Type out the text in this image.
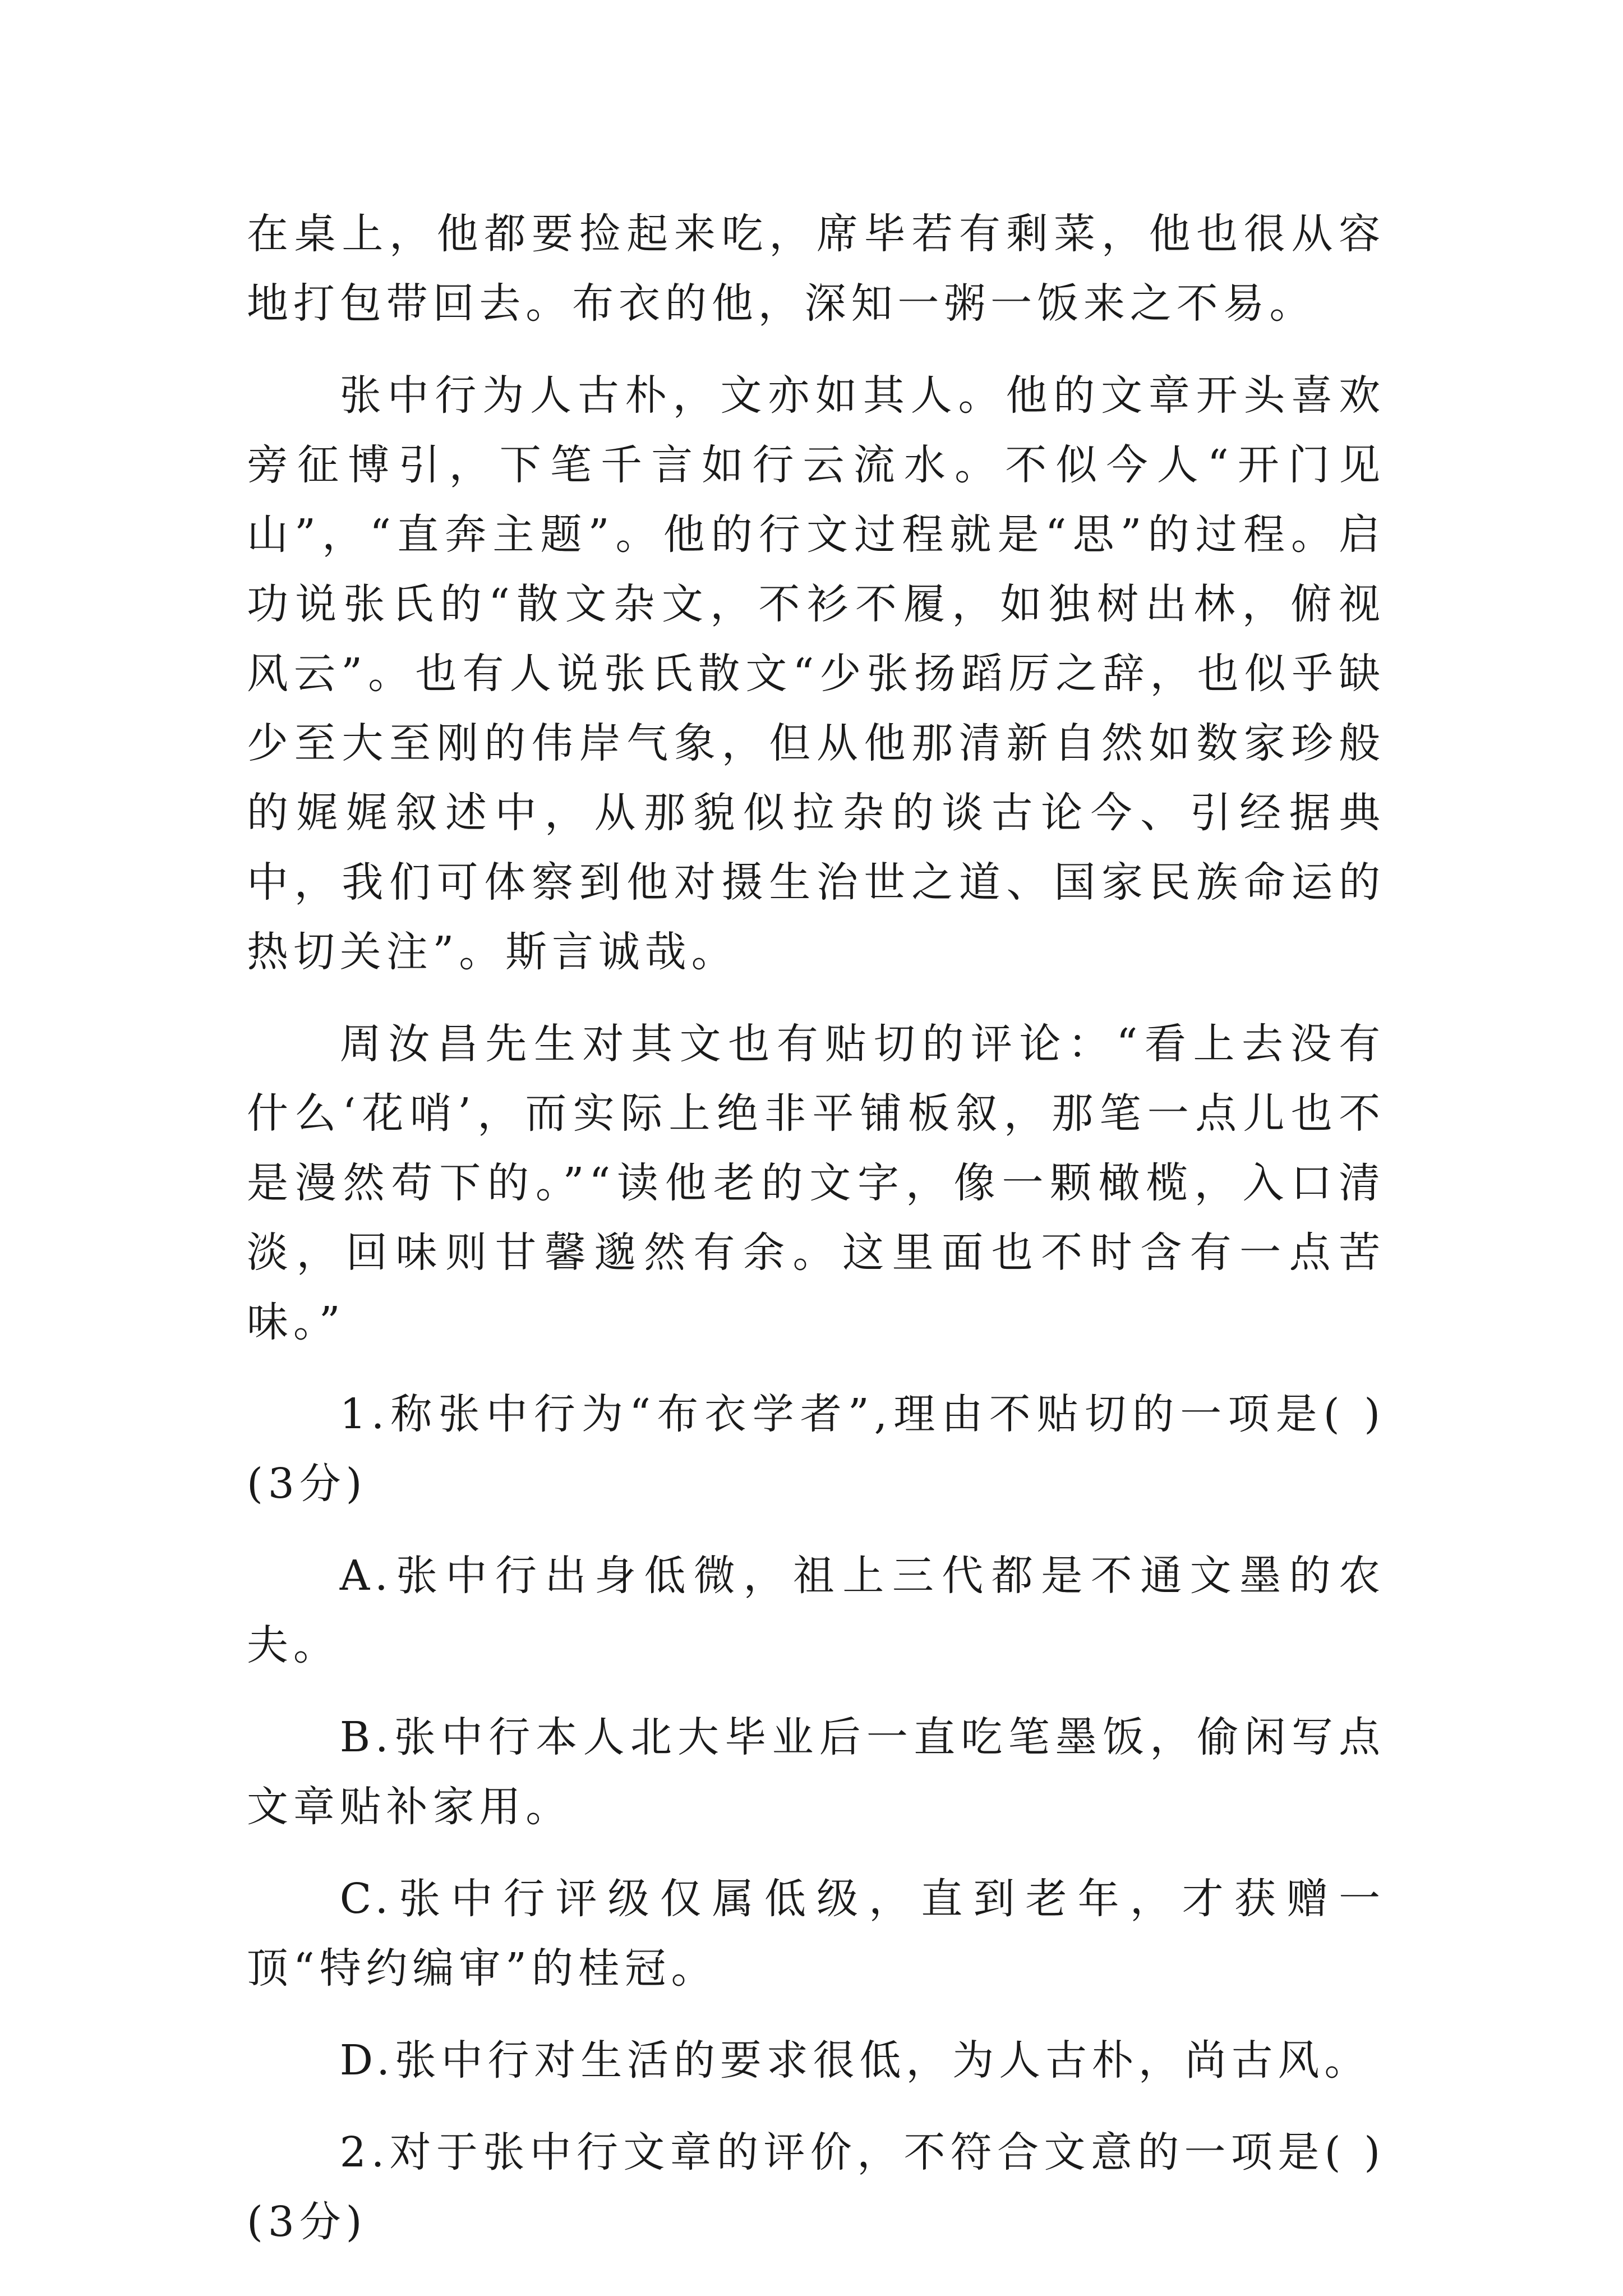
在桌上，他都要捡起来吃，席毕若有剩菜，他也很从容地打包带回去。布衣的他，深知一粥一饭来之不易。

张中行为人古朴，文亦如其人。他的文章开头喜欢旁征博引，下笔千言如行云流水。不似今人“开门见山”，“直奔主题”。他的行文过程就是“思”的过程。启功说张氏的“散文杂文，不衫不履，如独树出林，俯视风云”。也有人说张氏散文“少张扬蹈厉之辞，也似乎缺少至大至刚的伟岸气象，但从他那清新自然如数家珍般的娓娓叙述中，从那貌似拉杂的谈古论今、引经据典中，我们可体察到他对摄生治世之道、国家民族命运的热切关注”。斯言诚哉。

周汝昌先生对其文也有贴切的评论：“看上去没有什么‘花哨’，而实际上绝非平铺板叙，那笔一点儿也不是漫然苟下的。”“读他老的文字，像一颗橄榄，入口清淡，回味则甘馨邈然有余。这里面也不时含有一点苦味。”

1.称张中行为“布衣学者”,理由不贴切的一项是( )(3分)

A.张中行出身低微，祖上三代都是不通文墨的农夫。

B.张中行本人北大毕业后一直吃笔墨饭，偷闲写点文章贴补家用。

C.张中行评级仅属低级，直到老年，才获赠一顶“特约编审”的桂冠。

D.张中行对生活的要求很低，为人古朴，尚古风。

2.对于张中行文章的评价，不符合文意的一项是( )(3分)
